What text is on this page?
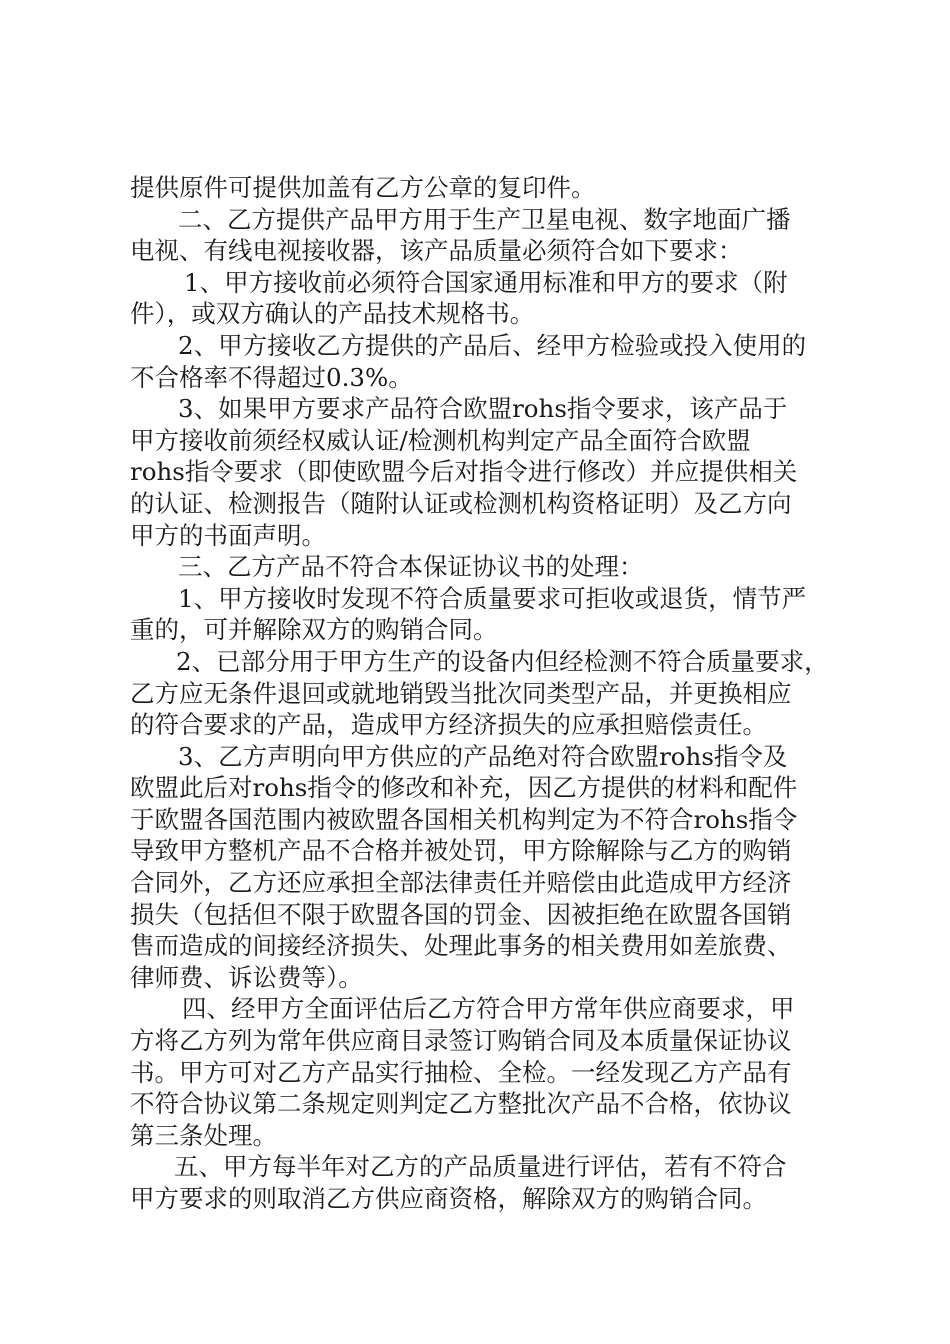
提供原件可提供加盖有乙方公章的复印件。
二、乙方提供产品甲方用于生产卫星电视、数字地面广播
电视、有线电视接收器，该产品质量必须符合如下要求：
1、甲方接收前必须符合国家通用标准和甲方的要求（附
件），或双方确认的产品技术规格书。
2、甲方接收乙方提供的产品后、经甲方检验或投入使用的
不合格率不得超过0.3%。
3、如果甲方要求产品符合欧盟rohs指令要求，该产品于
甲方接收前须经权威认证/检测机构判定产品全面符合欧盟
rohs指令要求（即使欧盟今后对指令进行修改）并应提供相关
的认证、检测报告（随附认证或检测机构资格证明）及乙方向
甲方的书面声明。
三、乙方产品不符合本保证协议书的处理：
1、甲方接收时发现不符合质量要求可拒收或退货，情节严
重的，可并解除双方的购销合同。
2、已部分用于甲方生产的设备内但经检测不符合质量要求，
乙方应无条件退回或就地销毁当批次同类型产品，并更换相应
的符合要求的产品，造成甲方经济损失的应承担赔偿责任。
3、乙方声明向甲方供应的产品绝对符合欧盟rohs指令及
欧盟此后对rohs指令的修改和补充，因乙方提供的材料和配件
于欧盟各国范围内被欧盟各国相关机构判定为不符合rohs指令
导致甲方整机产品不合格并被处罚，甲方除解除与乙方的购销
合同外，乙方还应承担全部法律责任并赔偿由此造成甲方经济
损失（包括但不限于欧盟各国的罚金、因被拒绝在欧盟各国销
售而造成的间接经济损失、处理此事务的相关费用如差旅费、
律师费、诉讼费等）。
四、经甲方全面评估后乙方符合甲方常年供应商要求，甲
方将乙方列为常年供应商目录签订购销合同及本质量保证协议
书。甲方可对乙方产品实行抽检、全检。一经发现乙方产品有
不符合协议第二条规定则判定乙方整批次产品不合格，依协议
第三条处理。
五、甲方每半年对乙方的产品质量进行评估，若有不符合
甲方要求的则取消乙方供应商资格，解除双方的购销合同。
